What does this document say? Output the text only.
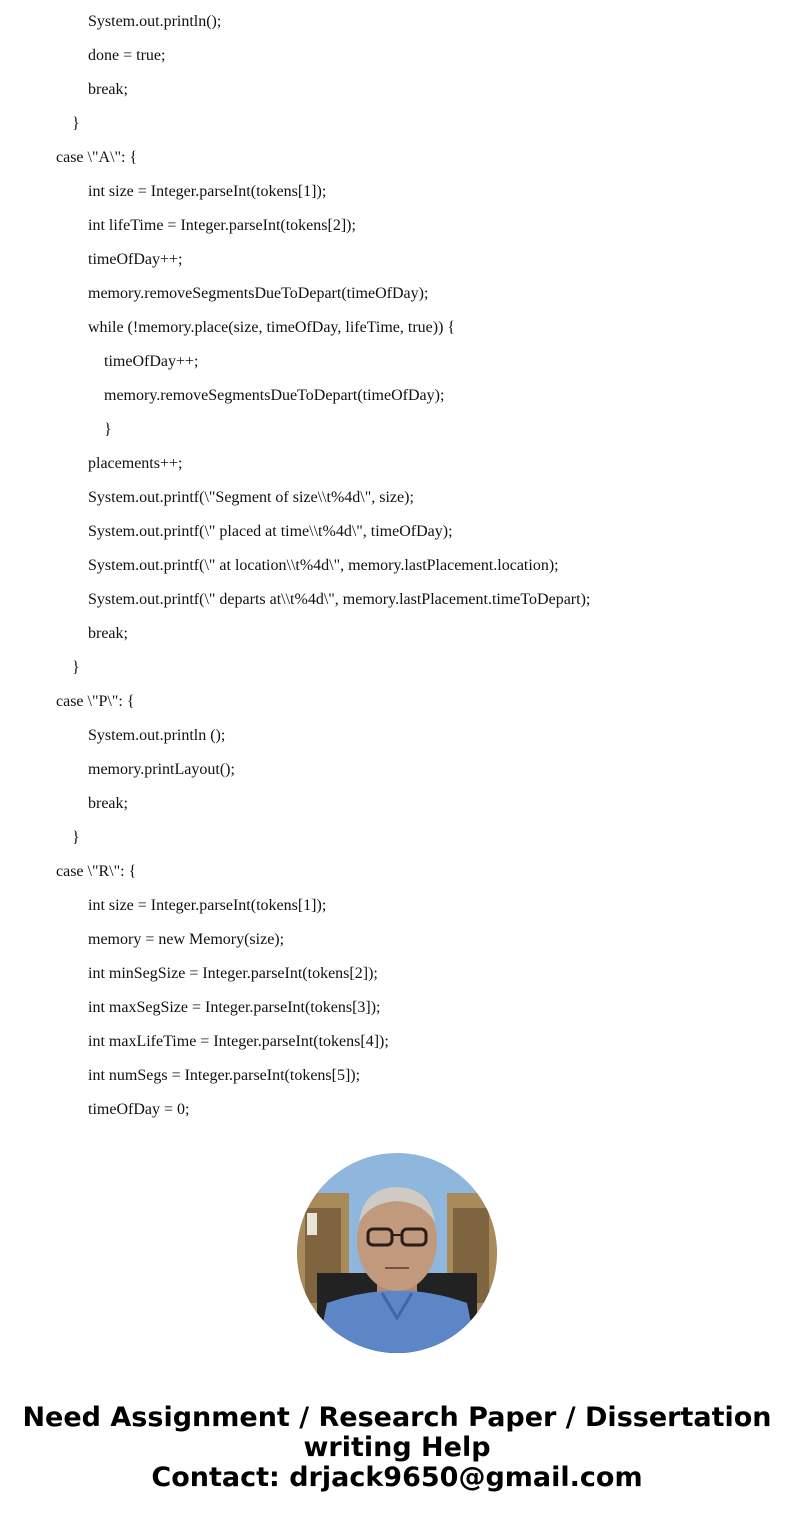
System.out.println();
done = true;
break;
}
case \"A\": {
int size = Integer.parseInt(tokens[1]);
int lifeTime = Integer.parseInt(tokens[2]);
timeOfDay++;
memory.removeSegmentsDueToDepart(timeOfDay);
while (!memory.place(size, timeOfDay, lifeTime, true)) {
timeOfDay++;
memory.removeSegmentsDueToDepart(timeOfDay);
}
placements++;
System.out.printf(\"Segment of size\\t%4d\", size);
System.out.printf(\" placed at time\\t%4d\", timeOfDay);
System.out.printf(\" at location\\t%4d\", memory.lastPlacement.location);
System.out.printf(\" departs at\\t%4d\", memory.lastPlacement.timeToDepart);
break;
}
case \"P\": {
System.out.println ();
memory.printLayout();
break;
}
case \"R\": {
int size = Integer.parseInt(tokens[1]);
memory = new Memory(size);
int minSegSize = Integer.parseInt(tokens[2]);
int maxSegSize = Integer.parseInt(tokens[3]);
int maxLifeTime = Integer.parseInt(tokens[4]);
int numSegs = Integer.parseInt(tokens[5]);
timeOfDay = 0;
Need Assignment / Research Paper / Dissertation
writing Help
Contact: drjack9650@gmail.com
